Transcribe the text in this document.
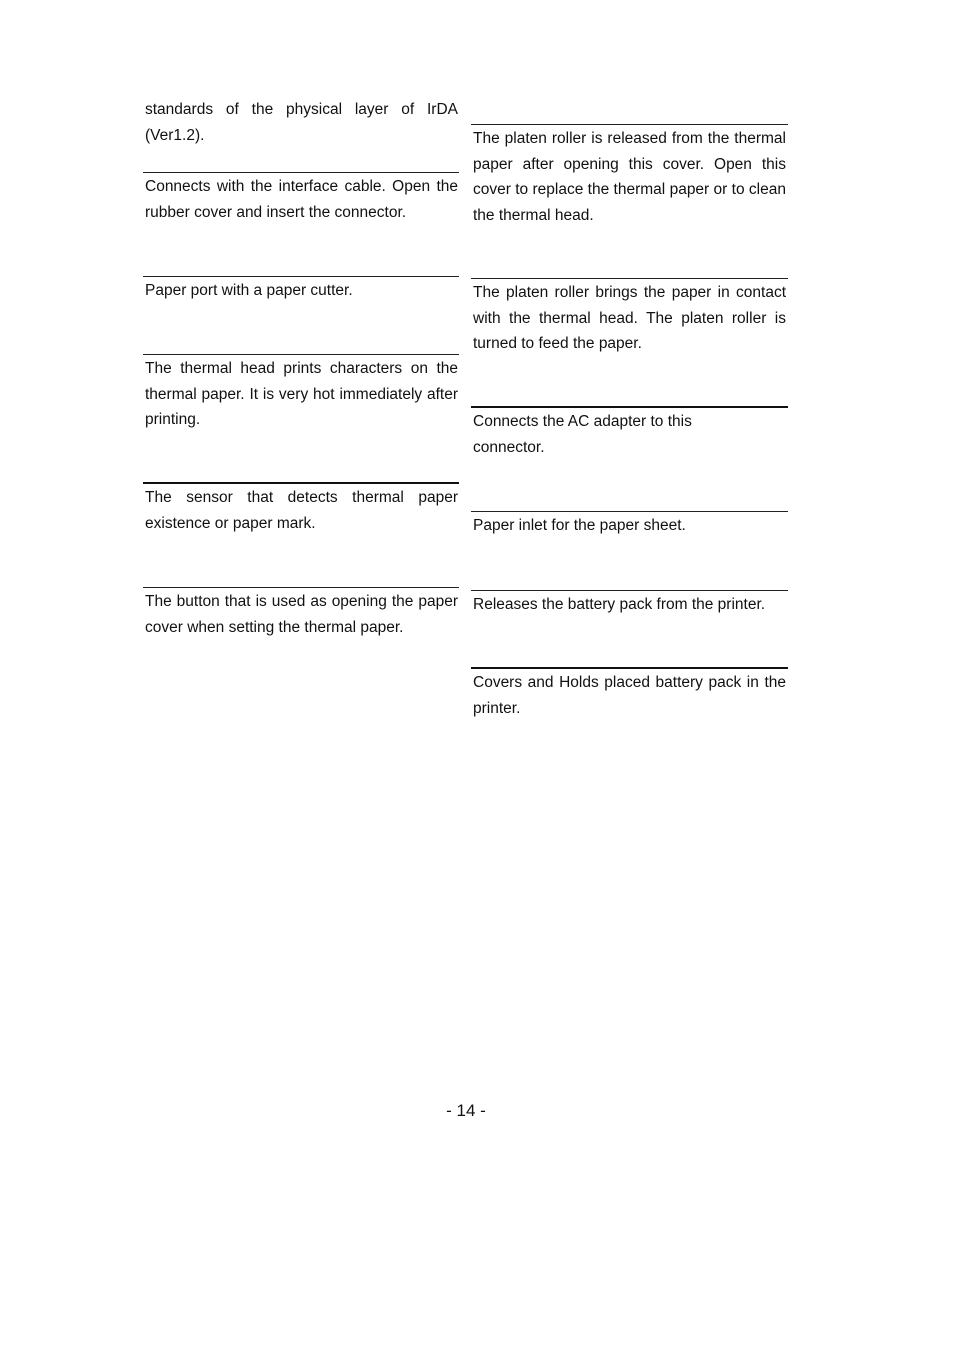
standards of the physical layer of IrDA (Ver1.2).

Connects with the interface cable. Open the rubber cover and insert the connector.

Paper port with a paper cutter.

The thermal head prints characters on the thermal paper. It is very hot immediately after printing.

The sensor that detects thermal paper existence or paper mark.

The button that is used as opening the paper cover when setting the thermal paper.

The platen roller is released from the thermal paper after opening this cover. Open this cover to replace the thermal paper or to clean the thermal head.

The platen roller brings the paper in contact with the thermal head. The platen roller is turned to feed the paper.

Connects the AC adapter to this connector.

Paper inlet for the paper sheet.

Releases the battery pack from the printer.

Covers and Holds placed battery pack in the printer.

- 14 -
